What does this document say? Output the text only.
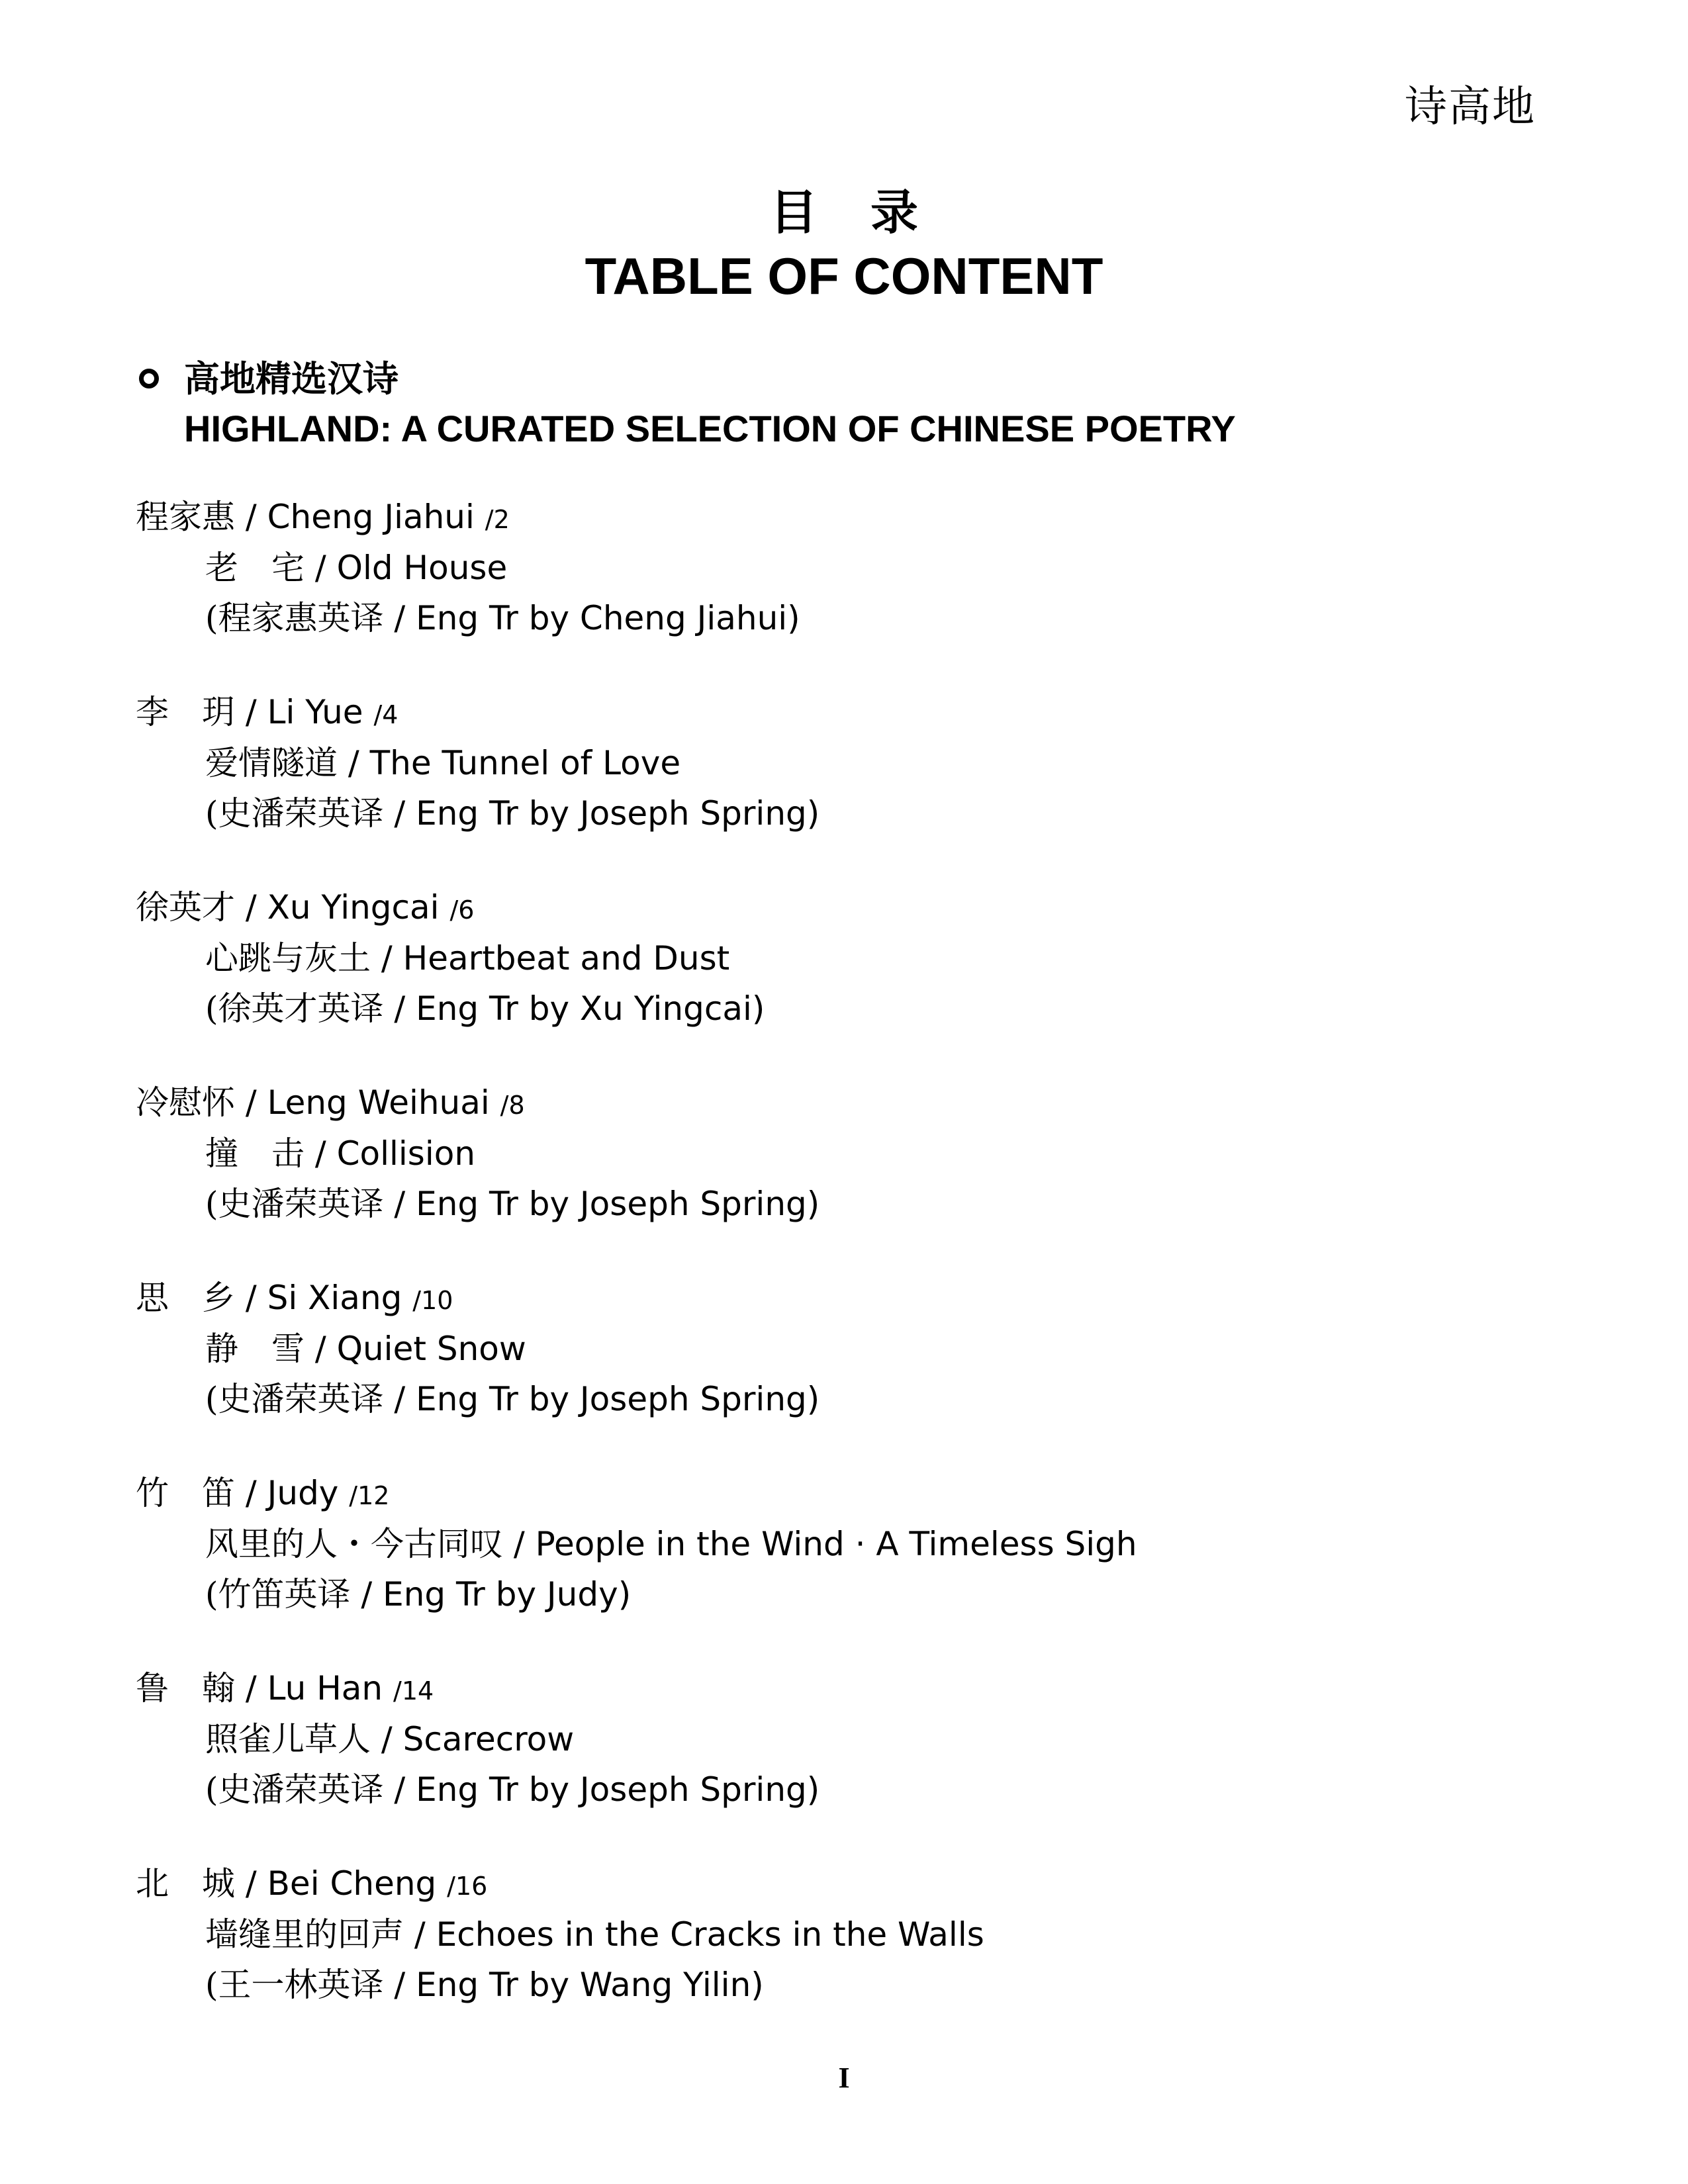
诗高地
目 录
TABLE OF CONTENT
高地精选汉诗
HIGHLAND: A CURATED SELECTION OF CHINESE POETRY
程家惠 / Cheng Jiahui /2
老　宅 / Old House
(程家惠英译 / Eng Tr by Cheng Jiahui)
李　玥 / Li Yue /4
爱情隧道 / The Tunnel of Love
(史潘荣英译 / Eng Tr by Joseph Spring)
徐英才 / Xu Yingcai /6
心跳与灰土 / Heartbeat and Dust
(徐英才英译 / Eng Tr by Xu Yingcai)
冷慰怀 / Leng Weihuai /8
撞　击 / Collision
(史潘荣英译 / Eng Tr by Joseph Spring)
思　乡 / Si Xiang /10
静　雪 / Quiet Snow
(史潘荣英译 / Eng Tr by Joseph Spring)
竹　笛 / Judy /12
风里的人・今古同叹 / People in the Wind · A Timeless Sigh
(竹笛英译 / Eng Tr by Judy)
鲁　翰 / Lu Han /14
照雀儿草人 / Scarecrow
(史潘荣英译 / Eng Tr by Joseph Spring)
北　城 / Bei Cheng /16
墙缝里的回声 / Echoes in the Cracks in the Walls
(王一林英译 / Eng Tr by Wang Yilin)
I
